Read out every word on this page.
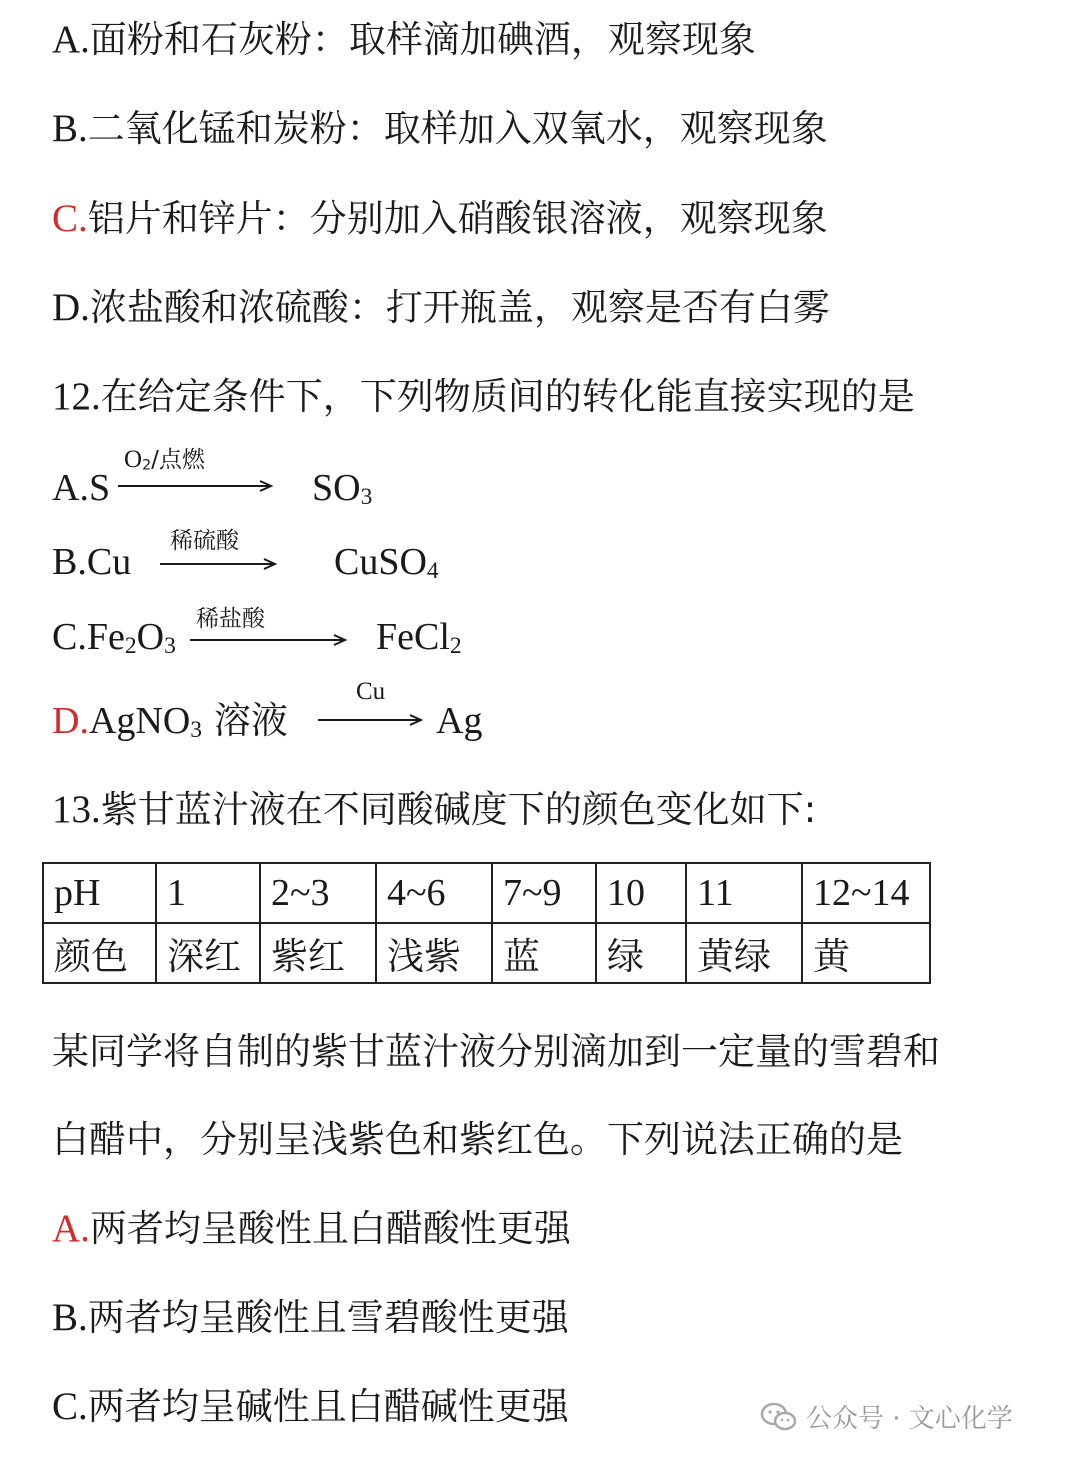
A.面粉和石灰粉：取样滴加碘酒，观察现象
B.二氧化锰和炭粉：取样加入双氧水，观察现象
C.铝片和锌片：分别加入硝酸银溶液，观察现象
D.浓盐酸和浓硫酸：打开瓶盖，观察是否有白雾
12.在给定条件下，下列物质间的转化能直接实现的是
A.S
$O_2/$点燃
$SO_3$
B.Cu 稀硫酸	CuSO$_4$
$C.Fe_2O_3$
稀盐酸	FeCl$_2$
D.AgNO$_3$ 溶液
Cu
Ag
13.紫甘蓝汁液在不同酸碱度下的颜色变化如下:
pH	1	2~3	4~6	7~9	10	11	12~14
颜色	深红	紫红	浅紫	蓝	绿	黄绿	黄
某同学将自制的紫甘蓝汁液分别滴加到一定量的雪碧和
白醋中，分别呈浅紫色和紫红色。下列说法正确的是
A.两者均呈酸性且白醋酸性更强
B.两者均呈酸性且雪碧酸性更强
C.两者均呈碱性且白醋碱性更强	公众号 · 文心化学
